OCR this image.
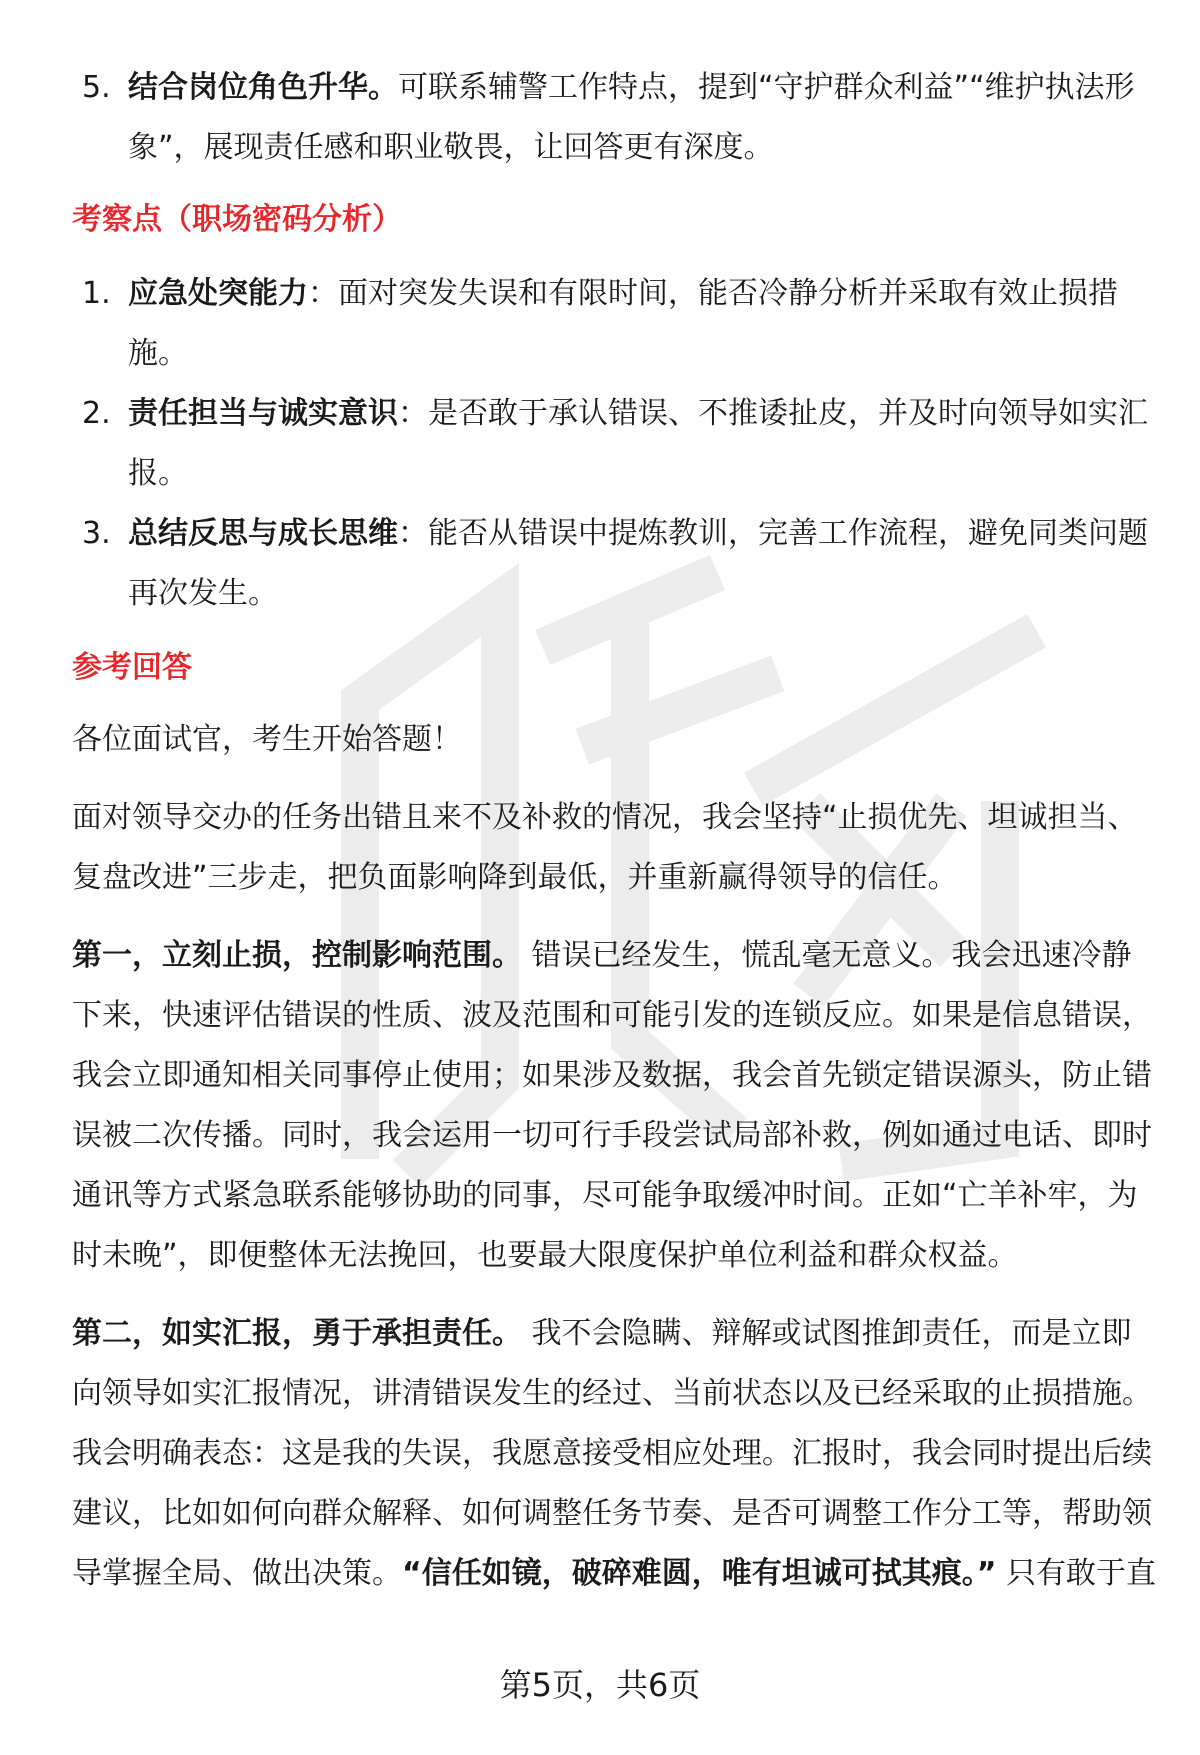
5. 结合岗位角色升华。可联系辅警工作特点，提到“守护群众利益”“维护执法形象”，展现责任感和职业敬畏，让回答更有深度。

考察点（职场密码分析）

1. 应急处突能力：面对突发失误和有限时间，能否冷静分析并采取有效止损措施。
2. 责任担当与诚实意识：是否敢于承认错误、不推诿扯皮，并及时向领导如实汇报。
3. 总结反思与成长思维：能否从错误中提炼教训，完善工作流程，避免同类问题再次发生。

参考回答

各位面试官，考生开始答题！

面对领导交办的任务出错且来不及补救的情况，我会坚持“止损优先、坦诚担当、复盘改进”三步走，把负面影响降到最低，并重新赢得领导的信任。

第一，立刻止损，控制影响范围。 错误已经发生，慌乱毫无意义。我会迅速冷静下来，快速评估错误的性质、波及范围和可能引发的连锁反应。如果是信息错误，我会立即通知相关同事停止使用；如果涉及数据，我会首先锁定错误源头，防止错误被二次传播。同时，我会运用一切可行手段尝试局部补救，例如通过电话、即时通讯等方式紧急联系能够协助的同事，尽可能争取缓冲时间。正如“亡羊补牢，为时未晚”，即便整体无法挽回，也要最大限度保护单位利益和群众权益。

第二，如实汇报，勇于承担责任。 我不会隐瞒、辩解或试图推卸责任，而是立即向领导如实汇报情况，讲清错误发生的经过、当前状态以及已经采取的止损措施。我会明确表态：这是我的失误，我愿意接受相应处理。汇报时，我会同时提出后续建议，比如如何向群众解释、如何调整任务节奏、是否可调整工作分工等，帮助领导掌握全局、做出决策。“信任如镜，破碎难圆，唯有坦诚可拭其痕。” 只有敢于直

第5页，共6页
